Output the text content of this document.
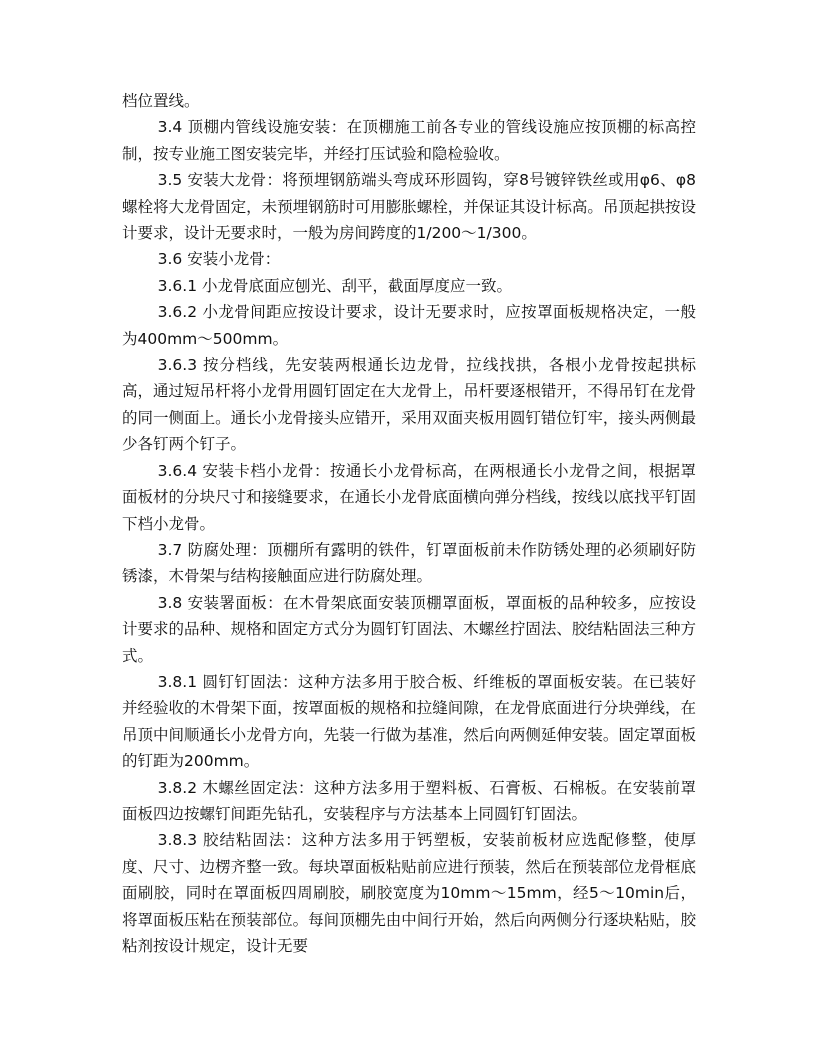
档位置线。

3.4 顶棚内管线设施安装：在顶棚施工前各专业的管线设施应按顶棚的标高控制，按专业施工图安装完毕，并经打压试验和隐检验收。

3.5 安装大龙骨：将预埋钢筋端头弯成环形圆钩，穿8号镀锌铁丝或用φ6、φ8螺栓将大龙骨固定，未预埋钢筋时可用膨胀螺栓，并保证其设计标高。吊顶起拱按设计要求，设计无要求时，一般为房间跨度的1/200～1/300。

3.6 安装小龙骨：

3.6.1 小龙骨底面应刨光、刮平，截面厚度应一致。

3.6.2 小龙骨间距应按设计要求，设计无要求时，应按罩面板规格决定，一般为400mm～500mm。

3.6.3 按分档线，先安装两根通长边龙骨，拉线找拱，各根小龙骨按起拱标高，通过短吊杆将小龙骨用圆钉固定在大龙骨上，吊杆要逐根错开，不得吊钉在龙骨的同一侧面上。通长小龙骨接头应错开，采用双面夹板用圆钉错位钉牢，接头两侧最少各钉两个钉子。

3.6.4 安装卡档小龙骨：按通长小龙骨标高，在两根通长小龙骨之间，根据罩面板材的分块尺寸和接缝要求，在通长小龙骨底面横向弹分档线，按线以底找平钉固下档小龙骨。

3.7 防腐处理：顶棚所有露明的铁件，钉罩面板前未作防锈处理的必须刷好防锈漆，木骨架与结构接触面应进行防腐处理。

3.8 安装署面板：在木骨架底面安装顶棚罩面板，罩面板的品种较多，应按设计要求的品种、规格和固定方式分为圆钉钉固法、木螺丝拧固法、胶结粘固法三种方式。

3.8.1 圆钉钉固法：这种方法多用于胶合板、纤维板的罩面板安装。在已装好并经验收的木骨架下面，按罩面板的规格和拉缝间隙，在龙骨底面进行分块弹线，在吊顶中间顺通长小龙骨方向，先装一行做为基准，然后向两侧延伸安装。固定罩面板的钉距为200mm。

3.8.2 木螺丝固定法：这种方法多用于塑料板、石膏板、石棉板。在安装前罩面板四边按螺钉间距先钻孔，安装程序与方法基本上同圆钉钉固法。

3.8.3 胶结粘固法：这种方法多用于钙塑板，安装前板材应选配修整，使厚度、尺寸、边楞齐整一致。每块罩面板粘贴前应进行预装，然后在预装部位龙骨框底面刷胶，同时在罩面板四周刷胶，刷胶宽度为10mm～15mm，经5～10min后，将罩面板压粘在预装部位。每间顶棚先由中间行开始，然后向两侧分行逐块粘贴，胶粘剂按设计规定，设计无要
